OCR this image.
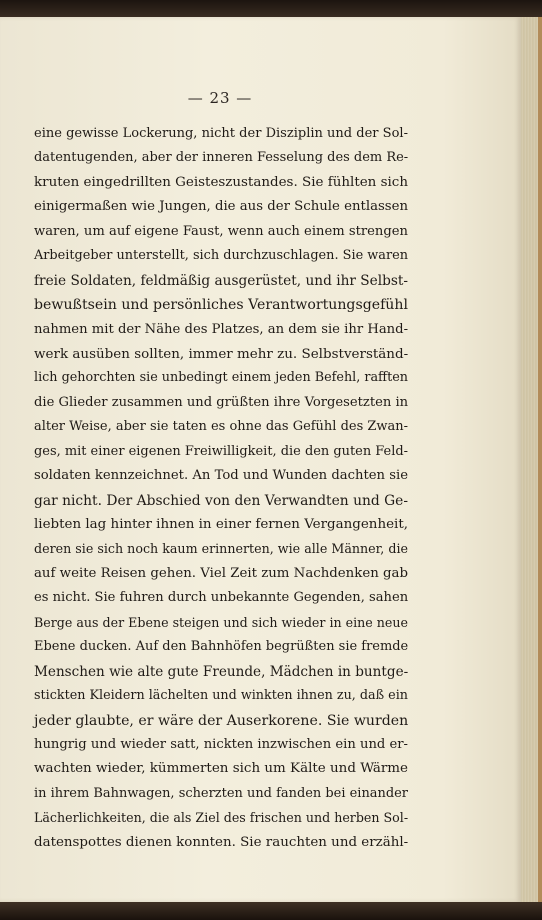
— 23 —
eine gewisse Lockerung, nicht der Disziplin und der Sol-
datentugenden, aber der inneren Fesselung des dem Re-
kruten eingedrillten Geisteszustandes. Sie fühlten sich
einigermaßen wie Jungen, die aus der Schule entlassen
waren, um auf eigene Faust, wenn auch einem strengen
Arbeitgeber unterstellt, sich durchzuschlagen. Sie waren
freie Soldaten, feldmäßig ausgerüstet, und ihr Selbst-
bewußtsein und persönliches Verantwortungsgefühl
nahmen mit der Nähe des Platzes, an dem sie ihr Hand-
werk ausüben sollten, immer mehr zu. Selbstverständ-
lich gehorchten sie unbedingt einem jeden Befehl, rafften
die Glieder zusammen und grüßten ihre Vorgesetzten in
alter Weise, aber sie taten es ohne das Gefühl des Zwan-
ges, mit einer eigenen Freiwilligkeit, die den guten Feld-
soldaten kennzeichnet. An Tod und Wunden dachten sie
gar nicht. Der Abschied von den Verwandten und Ge-
liebten lag hinter ihnen in einer fernen Vergangenheit,
deren sie sich noch kaum erinnerten, wie alle Männer, die
auf weite Reisen gehen. Viel Zeit zum Nachdenken gab
es nicht. Sie fuhren durch unbekannte Gegenden, sahen
Berge aus der Ebene steigen und sich wieder in eine neue
Ebene ducken. Auf den Bahnhöfen begrüßten sie fremde
Menschen wie alte gute Freunde, Mädchen in buntge-
stickten Kleidern lächelten und winkten ihnen zu, daß ein
jeder glaubte, er wäre der Auserkorene. Sie wurden
hungrig und wieder satt, nickten inzwischen ein und er-
wachten wieder, kümmerten sich um Kälte und Wärme
in ihrem Bahnwagen, scherzten und fanden bei einander
Lächerlichkeiten, die als Ziel des frischen und herben Sol-
datenspottes dienen konnten. Sie rauchten und erzähl-
